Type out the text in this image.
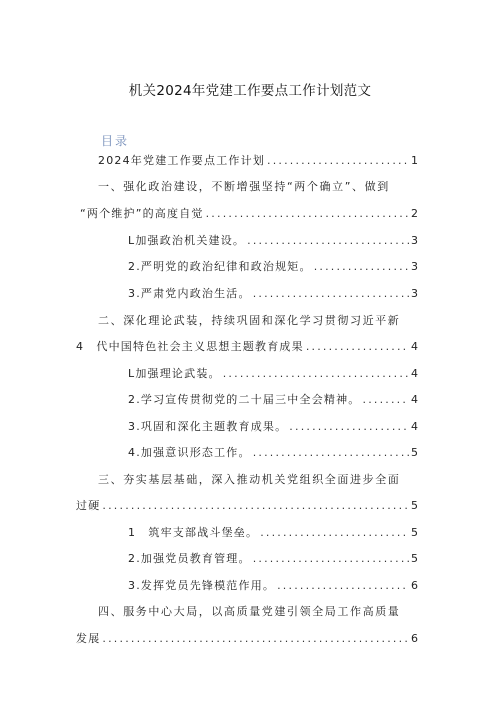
机关2024年党建工作要点工作计划范文
目录
2024年党建工作要点工作计划 .....	1
一、强化政治建设，不断增强坚持“两个确立”、做到
“两个维护”的高度自觉 .....	2
L加强政治机关建设。 .....	3
2.严明党的政治纪律和政治规矩。 .....	3
3.严肃党内政治生活。 .....	3
二、深化理论武装，持续巩固和深化学习贯彻习近平新
4　代中国特色社会主义思想主题教育成果 .....	4
L加强理论武装。 .....	4
2.学习宣传贯彻党的二十届三中全会精神。 .....	4
3.巩固和深化主题教育成果。 .....	4
4.加强意识形态工作。 .....	5
三、夯实基层基础，深入推动机关党组织全面进步全面
过硬 .....	5
1　筑牢支部战斗堡垒。 .....	5
2.加强党员教育管理。 .....	5
3.发挥党员先锋模范作用。 .....	6
四、服务中心大局，以高质量党建引领全局工作高质量
发展 .....	6
